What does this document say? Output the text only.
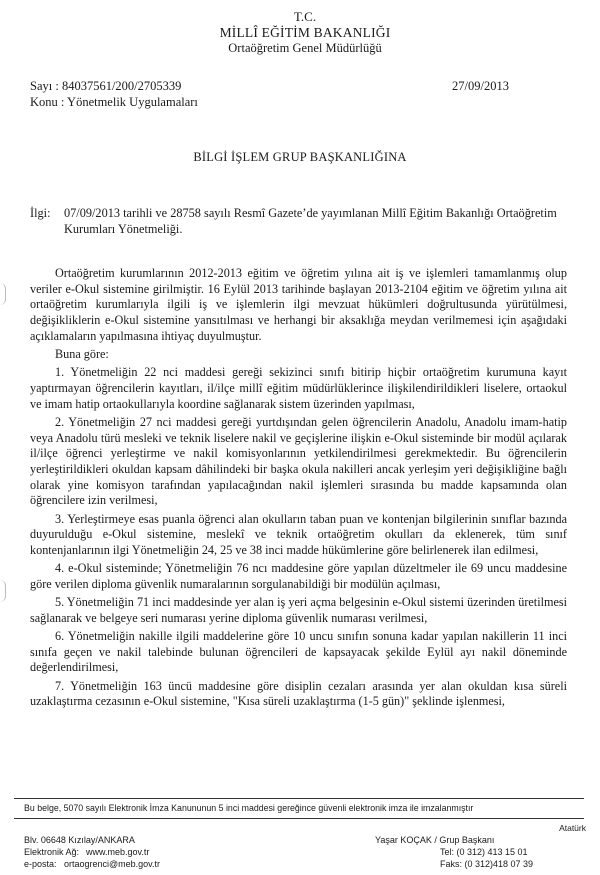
T.C.
MİLLÎ EĞİTİM BAKANLIĞI
Ortaöğretim Genel Müdürlüğü
Sayı : 84037561/200/2705339
Konu : Yönetmelik Uygulamaları
27/09/2013
BİLGİ İŞLEM GRUP BAŞKANLIĞINA
İlgi: 07/09/2013 tarihli ve 28758 sayılı Resmî Gazete’de yayımlanan Millî Eğitim Bakanlığı Ortaöğretim Kurumları Yönetmeliği.

Ortaöğretim kurumlarının 2012-2013 eğitim ve öğretim yılına ait iş ve işlemleri tamamlanmış olup veriler e-Okul sistemine girilmiştir. 16 Eylül 2013 tarihinde başlayan 2013-2104 eğitim ve öğretim yılına ait ortaöğretim kurumlarıyla ilgili iş ve işlemlerin ilgi mevzuat hükümleri doğrultusunda yürütülmesi, değişikliklerin e-Okul sistemine yansıtılması ve herhangi bir aksaklığa meydan verilmemesi için aşağıdaki açıklamaların yapılmasına ihtiyaç duyulmuştur.

Buna göre:

1. Yönetmeliğin 22 nci maddesi gereği sekizinci sınıfı bitirip hiçbir ortaöğretim kurumuna kayıt yaptırmayan öğrencilerin kayıtları, il/ilçe millî eğitim müdürlüklerince ilişkilendirildikleri liselere, ortaokul ve imam hatip ortaokullarıyla koordine sağlanarak sistem üzerinden yapılması,

2. Yönetmeliğin 27 nci maddesi gereği yurtdışından gelen öğrencilerin Anadolu, Anadolu imam-hatip veya Anadolu türü mesleki ve teknik liselere nakil ve geçişlerine ilişkin e-Okul sisteminde bir modül açılarak il/ilçe öğrenci yerleştirme ve nakil komisyonlarının yetkilendirilmesi gerekmektedir. Bu öğrencilerin yerleştirildikleri okuldan kapsam dâhilindeki bir başka okula nakilleri ancak yerleşim yeri değişikliğine bağlı olarak yine komisyon tarafından yapılacağından nakil işlemleri sırasında bu madde kapsamında olan öğrencilere izin verilmesi,

3. Yerleştirmeye esas puanla öğrenci alan okulların taban puan ve kontenjan bilgilerinin sınıflar bazında duyurulduğu e-Okul sistemine, meslekî ve teknik ortaöğretim okulları da eklenerek, tüm sınıf kontenjanlarının ilgi Yönetmeliğin 24, 25 ve 38 inci madde hükümlerine göre belirlenerek ilan edilmesi,

4. e-Okul sisteminde; Yönetmeliğin 76 ncı maddesine göre yapılan düzeltmeler ile 69 uncu maddesine göre verilen diploma güvenlik numaralarının sorgulanabildiği bir modülün açılması,

5. Yönetmeliğin 71 inci maddesinde yer alan iş yeri açma belgesinin e-Okul sistemi üzerinden üretilmesi sağlanarak ve belgeye seri numarası yerine diploma güvenlik numarası verilmesi,

6. Yönetmeliğin nakille ilgili maddelerine göre 10 uncu sınıfın sonuna kadar yapılan nakillerin 11 inci sınıfa geçen ve nakil talebinde bulunan öğrencileri de kapsayacak şekilde Eylül ayı nakil döneminde değerlendirilmesi,

7. Yönetmeliğin 163 üncü maddesine göre disiplin cezaları arasında yer alan okuldan kısa süreli uzaklaştırma cezasının e-Okul sistemine, "Kısa süreli uzaklaştırma (1-5 gün)" şeklinde işlenmesi,

Bu belge, 5070 sayılı Elektronik İmza Kanununun 5 inci maddesi gereğince güvenli elektronik imza ile imzalanmıştır
Atatürk
Blv. 06648 Kızılay/ANKARA
Elektronik Ağ: www.meb.gov.tr
e-posta: ortaogrenci@meb.gov.tr
Yaşar KOÇAK / Grup Başkanı
Tel: (0 312) 413 15 01
Faks: (0 312)418 07 39
